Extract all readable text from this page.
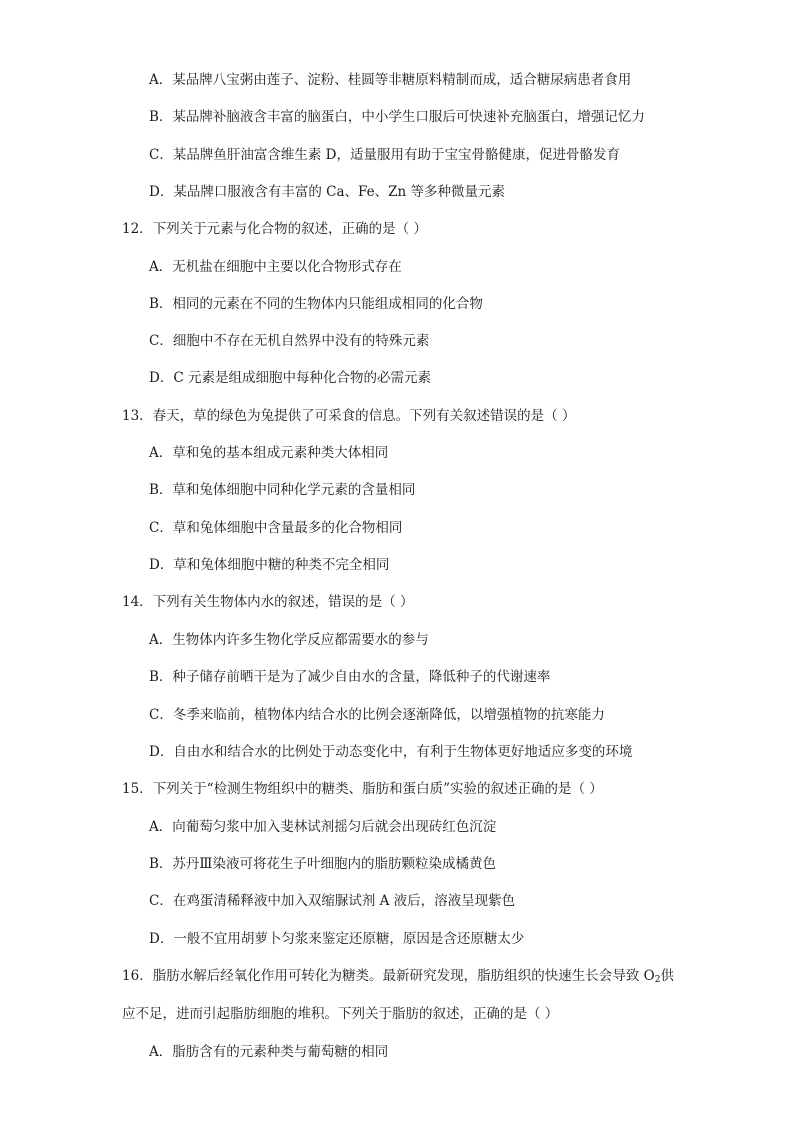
A．某品牌八宝粥由莲子、淀粉、桂圆等非糖原料精制而成，适合糖尿病患者食用
B．某品牌补脑液含丰富的脑蛋白，中小学生口服后可快速补充脑蛋白，增强记忆力
C．某品牌鱼肝油富含维生素 D，适量服用有助于宝宝骨骼健康，促进骨骼发育
D．某品牌口服液含有丰富的 Ca、Fe、Zn 等多种微量元素
12．下列关于元素与化合物的叙述，正确的是（ ）
A．无机盐在细胞中主要以化合物形式存在
B．相同的元素在不同的生物体内只能组成相同的化合物
C．细胞中不存在无机自然界中没有的特殊元素
D．C 元素是组成细胞中每种化合物的必需元素
13．春天，草的绿色为兔提供了可采食的信息。下列有关叙述错误的是（ ）
A．草和兔的基本组成元素种类大体相同
B．草和兔体细胞中同种化学元素的含量相同
C．草和兔体细胞中含量最多的化合物相同
D．草和兔体细胞中糖的种类不完全相同
14．下列有关生物体内水的叙述，错误的是（ ）
A．生物体内许多生物化学反应都需要水的参与
B．种子储存前晒干是为了减少自由水的含量，降低种子的代谢速率
C．冬季来临前，植物体内结合水的比例会逐渐降低，以增强植物的抗寒能力
D．自由水和结合水的比例处于动态变化中，有利于生物体更好地适应多变的环境
15．下列关于“检测生物组织中的糖类、脂肪和蛋白质”实验的叙述正确的是（ ）
A．向葡萄匀浆中加入斐林试剂摇匀后就会出现砖红色沉淀
B．苏丹Ⅲ染液可将花生子叶细胞内的脂肪颗粒染成橘黄色
C．在鸡蛋清稀释液中加入双缩脲试剂 A 液后，溶液呈现紫色
D．一般不宜用胡萝卜匀浆来鉴定还原糖，原因是含还原糖太少
16．脂肪水解后经氧化作用可转化为糖类。最新研究发现，脂肪组织的快速生长会导致 $O_2$供
应不足，进而引起脂肪细胞的堆积。下列关于脂肪的叙述，正确的是（ ）
A．脂肪含有的元素种类与葡萄糖的相同
